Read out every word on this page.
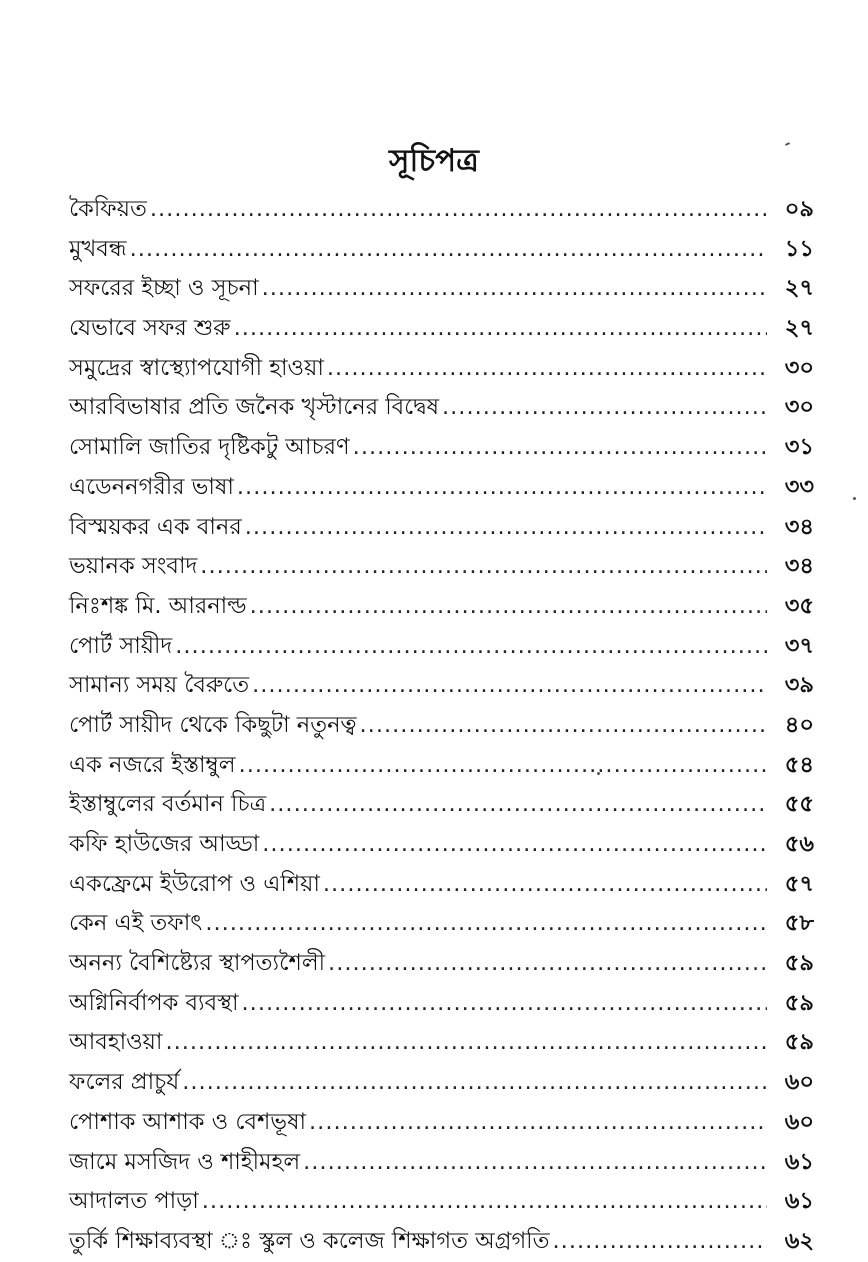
সূচিপত্র
কৈফিয়ত .....	০৯
মুখবন্ধ .....	১১
সফরের ইচ্ছা ও সূচনা .....	২৭
যেভাবে সফর শুরু .....	২৭
সমুদ্রের স্বাস্থ্যোপযোগী হাওয়া .....	৩০
আরবিভাষার প্রতি জনৈক খৃস্টানের বিদ্বেষ .....	৩০
সোমালি জাতির দৃষ্টিকটু আচরণ .....	৩১
এডেননগরীর ভাষা .....	৩৩
বিস্ময়কর এক বানর .....	৩৪
ভয়ানক সংবাদ .....	৩৪
নিঃশঙ্ক মি. আরনাল্ড .....	৩৫
পোর্ট সায়ীদ .....	৩৭
সামান্য সময় বৈরুতে .....	৩৯
পোর্ট সায়ীদ থেকে কিছুটা নতুনত্ব .....	৪০
এক নজরে ইস্তাম্বুল .....	৫৪
ইস্তাম্বুলের বর্তমান চিত্র .....	৫৫
কফি হাউজের আড্ডা .....	৫৬
একফ্রেমে ইউরোপ ও এশিয়া .....	৫৭
কেন এই তফাৎ .....	৫৮
অনন্য বৈশিষ্ট্যের স্থাপত্যশৈলী .....	৫৯
অগ্নিনির্বাপক ব্যবস্থা .....	৫৯
আবহাওয়া .....	৫৯
ফলের প্রাচুর্য .....	৬০
পোশাক আশাক ও বেশভূষা .....	৬০
জামে মসজিদ ও শাহীমহল .....	৬১
আদালত পাড়া .....	৬১
তুর্কি শিক্ষাব্যবস্থা ঃ স্কুল ও কলেজ শিক্ষাগত অগ্রগতি .....	৬২
